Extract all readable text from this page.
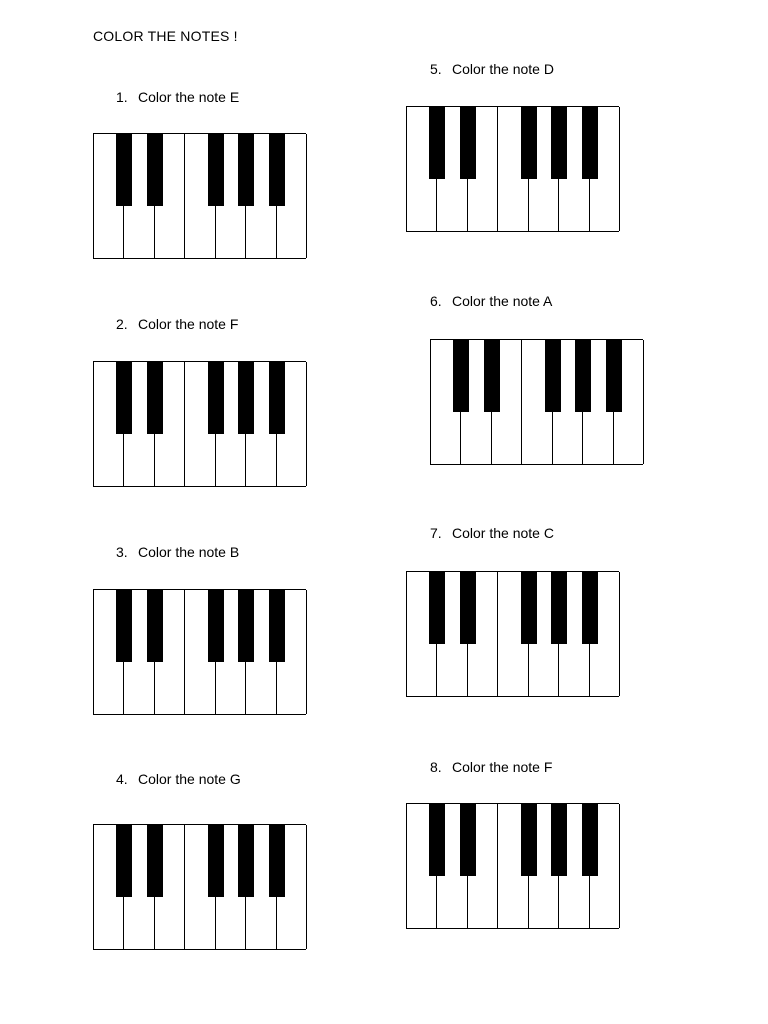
COLOR THE NOTES !
1. Color the note E
2. Color the note F
3. Color the note B
4. Color the note G
5. Color the note D
6. Color the note A
7. Color the note C
8. Color the note F
